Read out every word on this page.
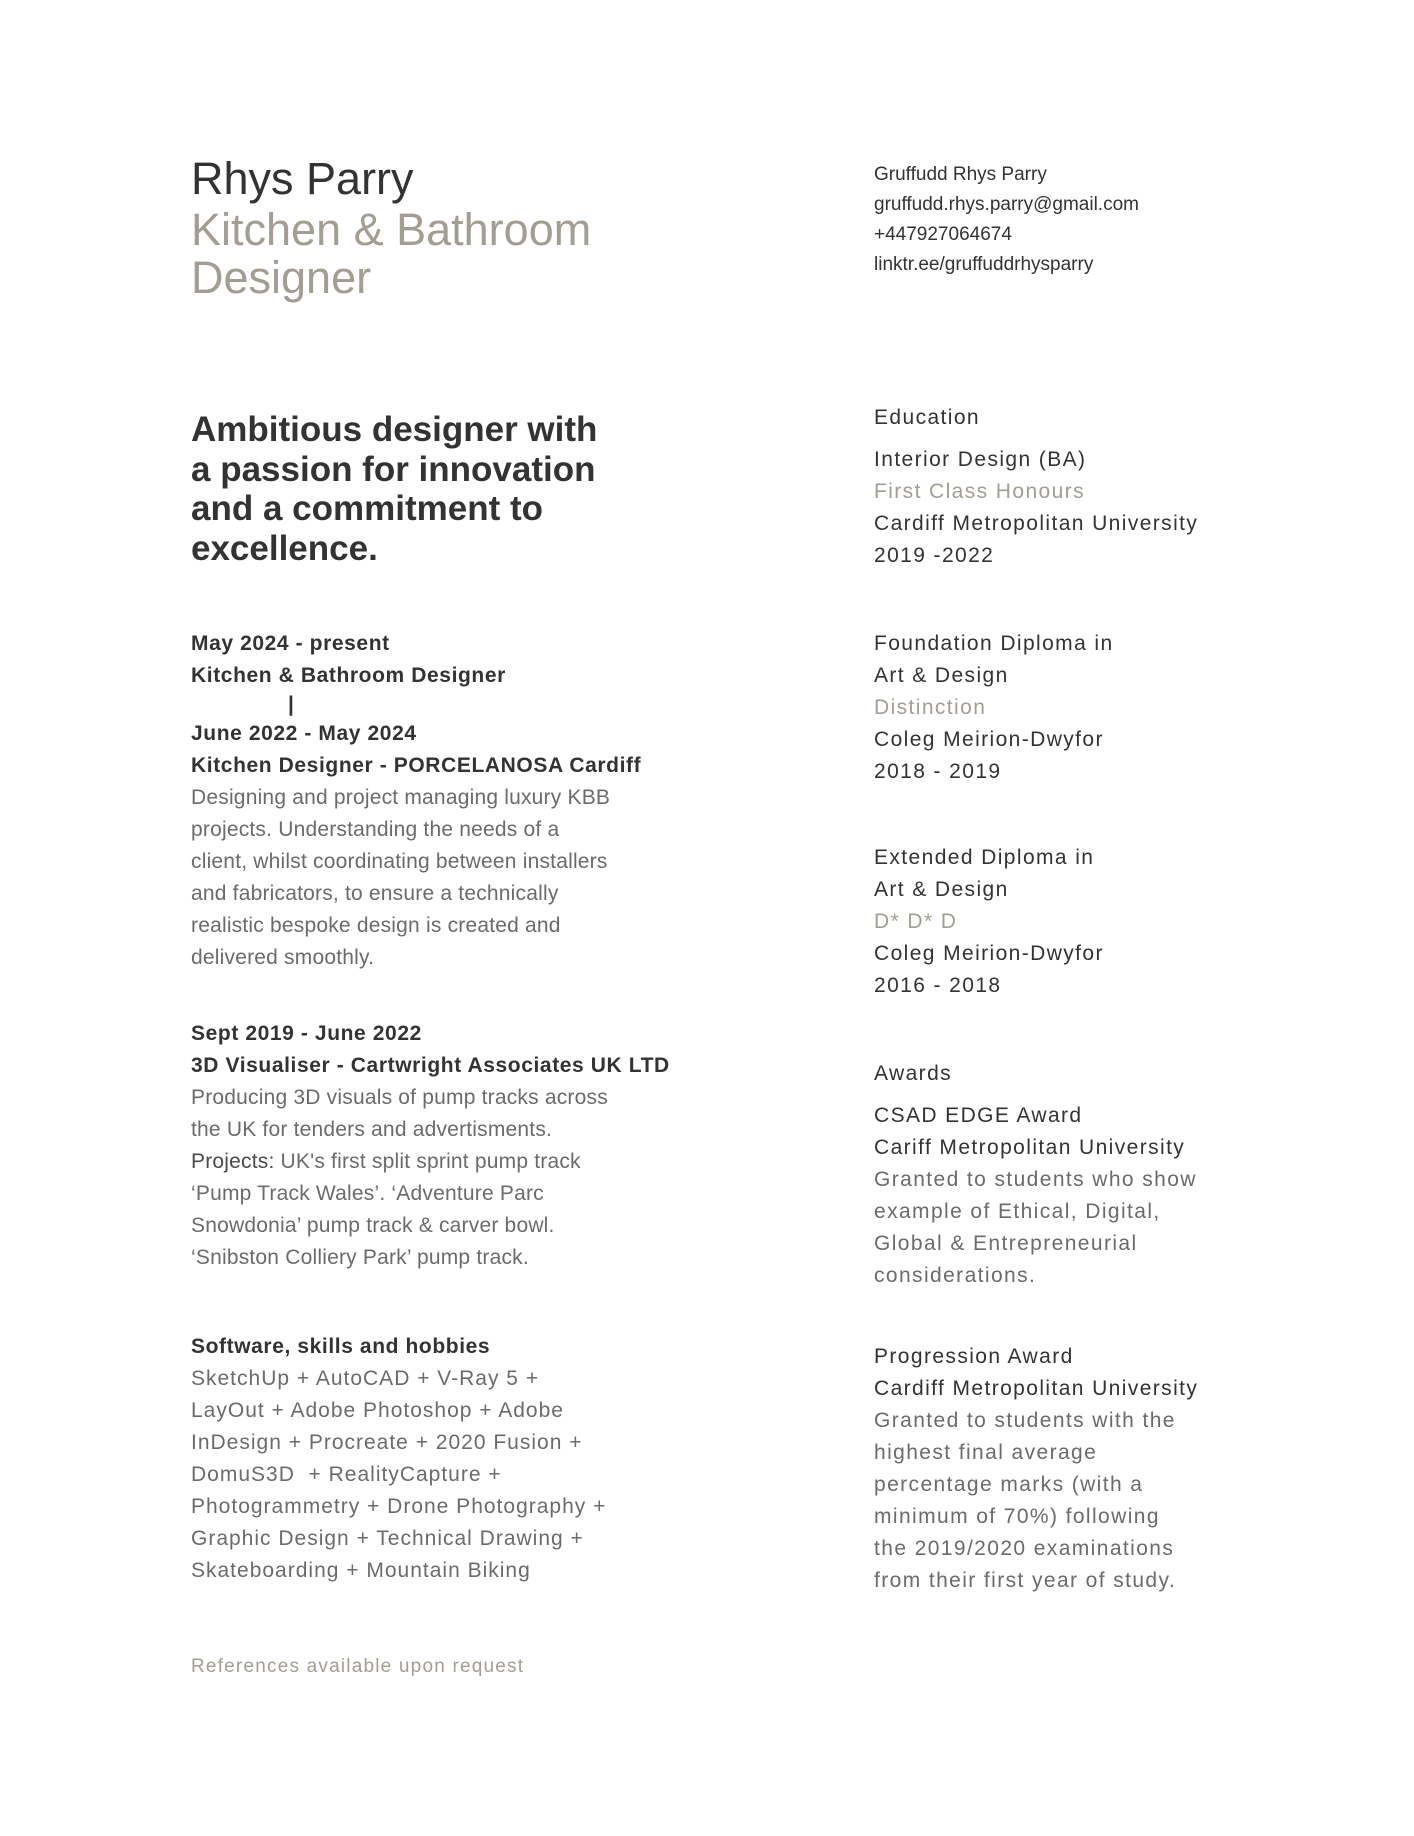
Rhys Parry
Kitchen & Bathroom
Designer
Gruffudd Rhys Parry
gruffudd.rhys.parry@gmail.com
+447927064674
linktr.ee/gruffuddrhysparry
Ambitious designer with
a passion for innovation
and a commitment to
excellence.
May 2024 - present
Kitchen & Bathroom Designer
|
June 2022 - May 2024
Kitchen Designer - PORCELANOSA Cardiff
Designing and project managing luxury KBB
projects. Understanding the needs of a
client, whilst coordinating between installers
and fabricators, to ensure a technically
realistic bespoke design is created and
delivered smoothly.
Sept 2019 - June 2022
3D Visualiser - Cartwright Associates UK LTD
Producing 3D visuals of pump tracks across
the UK for tenders and advertisments.
Projects: UK's first split sprint pump track
‘Pump Track Wales’. ‘Adventure Parc
Snowdonia’ pump track & carver bowl.
‘Snibston Colliery Park’ pump track.
Software, skills and hobbies
SketchUp + AutoCAD + V-Ray 5 +
LayOut + Adobe Photoshop + Adobe
InDesign + Procreate + 2020 Fusion +
DomuS3D  + RealityCapture +
Photogrammetry + Drone Photography +
Graphic Design + Technical Drawing +
Skateboarding + Mountain Biking
Education
Interior Design (BA)
First Class Honours
Cardiff Metropolitan University
2019 -2022
Foundation Diploma in
Art & Design
Distinction
Coleg Meirion-Dwyfor
2018 - 2019
Extended Diploma in
Art & Design
D* D* D
Coleg Meirion-Dwyfor
2016 - 2018
Awards
CSAD EDGE Award
Cariff Metropolitan University
Granted to students who show
example of Ethical, Digital,
Global & Entrepreneurial
considerations.
Progression Award
Cardiff Metropolitan University
Granted to students with the
highest final average
percentage marks (with a
minimum of 70%) following
the 2019/2020 examinations
from their first year of study.
References available upon request
